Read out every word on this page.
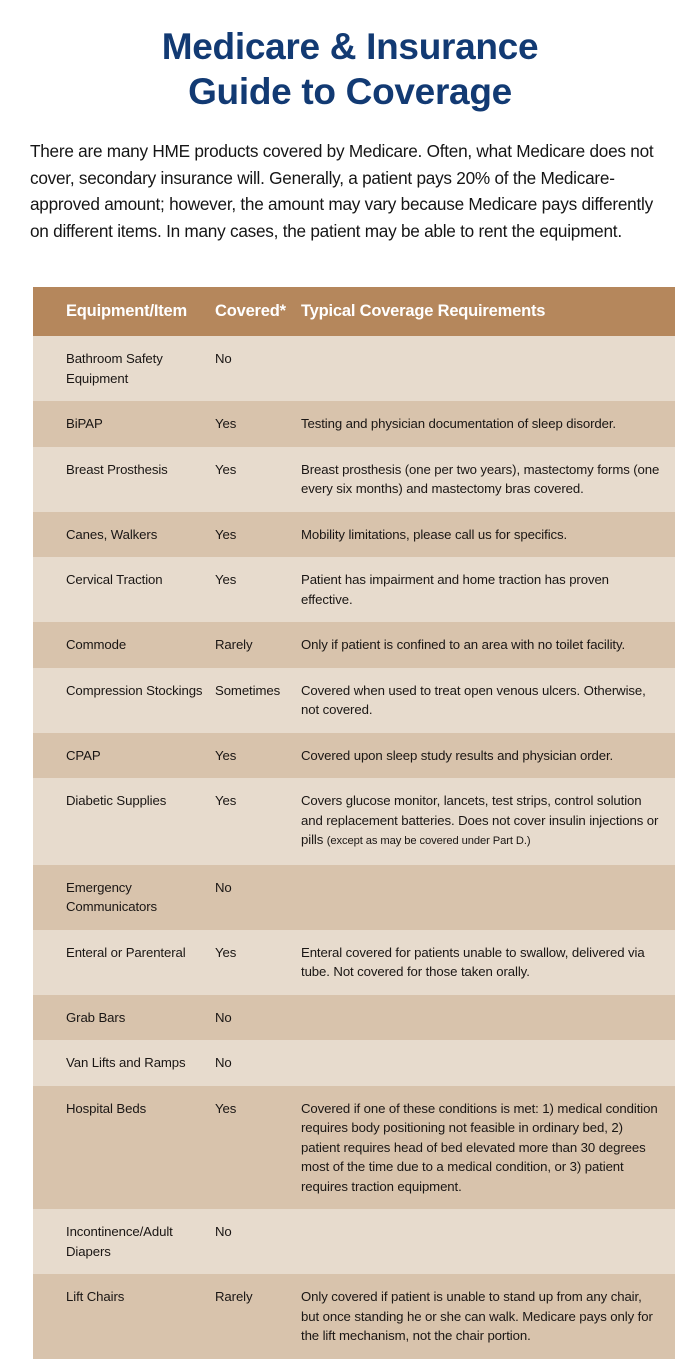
Medicare & Insurance
Guide to Coverage

There are many HME products covered by Medicare. Often, what Medicare does not cover, secondary insurance will. Generally, a patient pays 20% of the Medicare-approved amount; however, the amount may vary because Medicare pays differently on different items. In many cases, the patient may be able to rent the equipment.

Equipment/Item	Covered*	Typical Coverage Requirements
Bathroom Safety Equipment	No	
BiPAP	Yes	Testing and physician documentation of sleep disorder.
Breast Prosthesis	Yes	Breast prosthesis (one per two years), mastectomy forms (one every six months) and mastectomy bras covered.
Canes, Walkers	Yes	Mobility limitations, please call us for specifics.
Cervical Traction	Yes	Patient has impairment and home traction has proven effective.
Commode	Rarely	Only if patient is confined to an area with no toilet facility.
Compression Stockings	Sometimes	Covered when used to treat open venous ulcers. Otherwise, not covered.
CPAP	Yes	Covered upon sleep study results and physician order.
Diabetic Supplies	Yes	Covers glucose monitor, lancets, test strips, control solution and replacement batteries. Does not cover insulin injections or pills (except as may be covered under Part D.)
Emergency Communicators	No	
Enteral or Parenteral	Yes	Enteral covered for patients unable to swallow, delivered via tube. Not covered for those taken orally.
Grab Bars	No	
Van Lifts and Ramps	No	
Hospital Beds	Yes	Covered if one of these conditions is met: 1) medical condition requires body positioning not feasible in ordinary bed, 2) patient requires head of bed elevated more than 30 degrees most of the time due to a medical condition, or 3) patient requires traction equipment.
Incontinence/Adult Diapers	No	
Lift Chairs	Rarely	Only covered if patient is unable to stand up from any chair, but once standing he or she can walk. Medicare pays only for the lift mechanism, not the chair portion.
